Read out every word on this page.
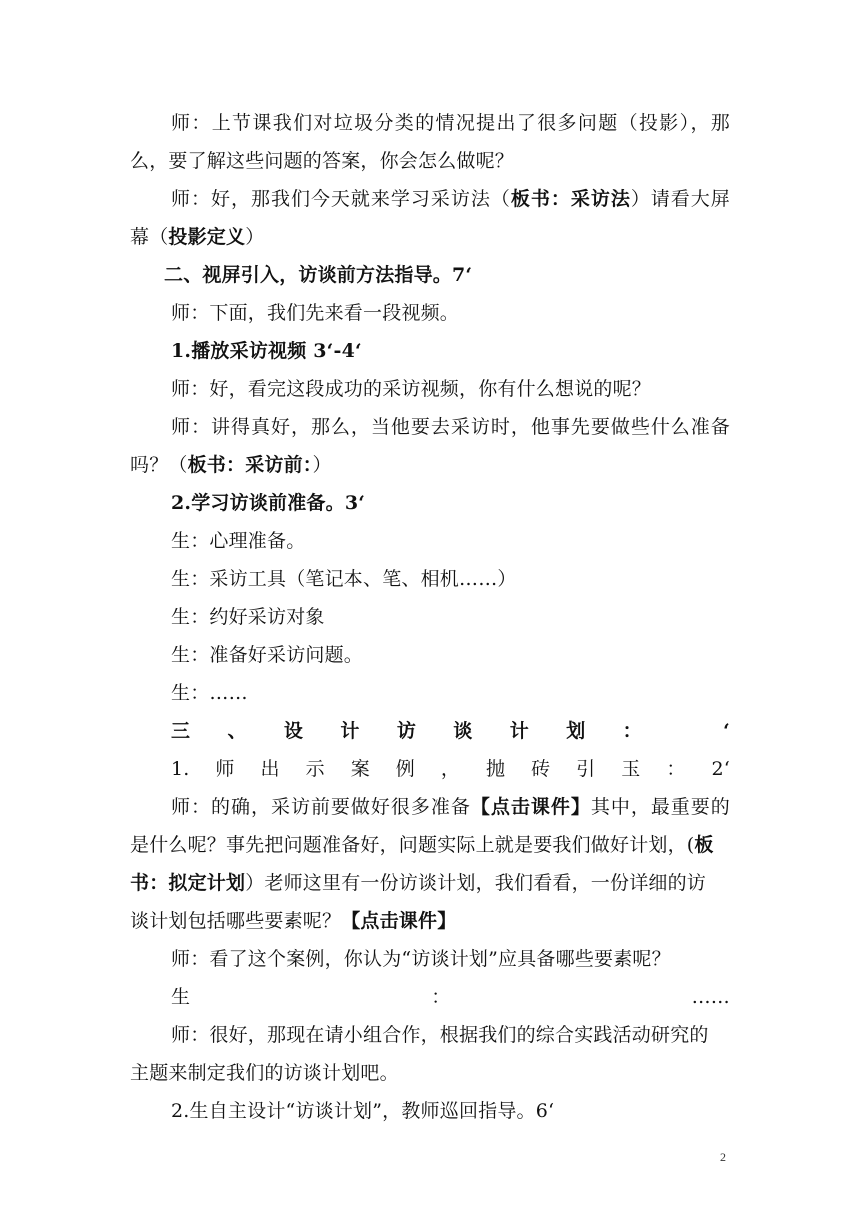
师：上节课我们对垃圾分类的情况提出了很多问题（投影），那
么，要了解这些问题的答案，你会怎么做呢？
师：好，那我们今天就来学习采访法（板书：采访法）请看大屏
幕（投影定义）
二、视屏引入，访谈前方法指导。7‘
师：下面，我们先来看一段视频。
1.播放采访视频 3‘-4‘
师：好，看完这段成功的采访视频，你有什么想说的呢？
师：讲得真好，那么，当他要去采访时，他事先要做些什么准备
吗？（板书：采访前：）
2.学习访谈前准备。3‘
生：心理准备。
生：采访工具（笔记本、笔、相机……）
生：约好采访对象
生：准备好采访问题。
生：……
三、设计访谈计划： ‘
1.师出示案例，抛砖引玉：2‘
师：的确，采访前要做好很多准备【点击课件】其中，最重要的
是什么呢？事先把问题准备好，问题实际上就是要我们做好计划，(板
书：拟定计划）老师这里有一份访谈计划，我们看看，一份详细的访
谈计划包括哪些要素呢？【点击课件】
师：看了这个案例，你认为“访谈计划”应具备哪些要素呢？
生：……
师：很好，那现在请小组合作，根据我们的综合实践活动研究的
主题来制定我们的访谈计划吧。
2.生自主设计“访谈计划”，教师巡回指导。6‘
2
